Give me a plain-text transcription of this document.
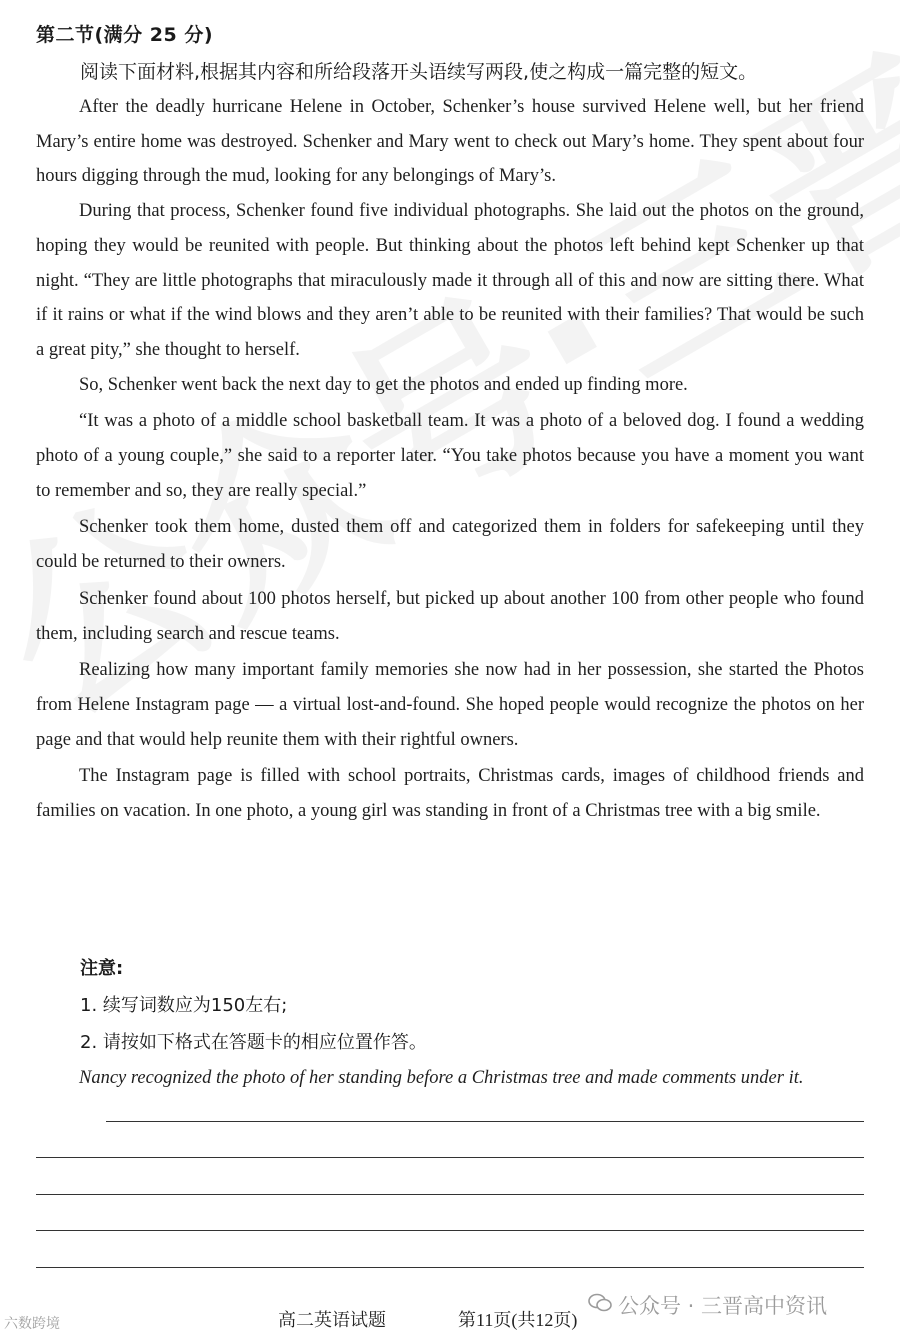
第二节(满分 25 分)
阅读下面材料,根据其内容和所给段落开头语续写两段,使之构成一篇完整的短文。

After the deadly hurricane Helene in October, Schenker’s house survived Helene well, but her friend Mary’s entire home was destroyed. Schenker and Mary went to check out Mary’s home. They spent about four hours digging through the mud, looking for any belongings of Mary’s.

During that process, Schenker found five individual photographs. She laid out the photos on the ground, hoping they would be reunited with people. But thinking about the photos left behind kept Schenker up that night. “They are little photographs that miraculously made it through all of this and now are sitting there. What if it rains or what if the wind blows and they aren’t able to be reunited with their families? That would be such a great pity,” she thought to herself.

So, Schenker went back the next day to get the photos and ended up finding more.

“It was a photo of a middle school basketball team. It was a photo of a beloved dog. I found a wedding photo of a young couple,” she said to a reporter later. “You take photos because you have a moment you want to remember and so, they are really special.”

Schenker took them home, dusted them off and categorized them in folders for safekeeping until they could be returned to their owners.

Schenker found about 100 photos herself, but picked up about another 100 from other people who found them, including search and rescue teams.

Realizing how many important family memories she now had in her possession, she started the Photos from Helene Instagram page — a virtual lost-and-found. She hoped people would recognize the photos on her page and that would help reunite them with their rightful owners.

The Instagram page is filled with school portraits, Christmas cards, images of childhood friends and families on vacation. In one photo, a young girl was standing in front of a Christmas tree with a big smile.

注意:
1. 续写词数应为150左右;
2. 请按如下格式在答题卡的相应位置作答。

Nancy recognized the photo of her standing before a Christmas tree and made comments under it.

高二英语试题	第11页(共12页)
公众号 · 三晋高中资讯
六数跨境
